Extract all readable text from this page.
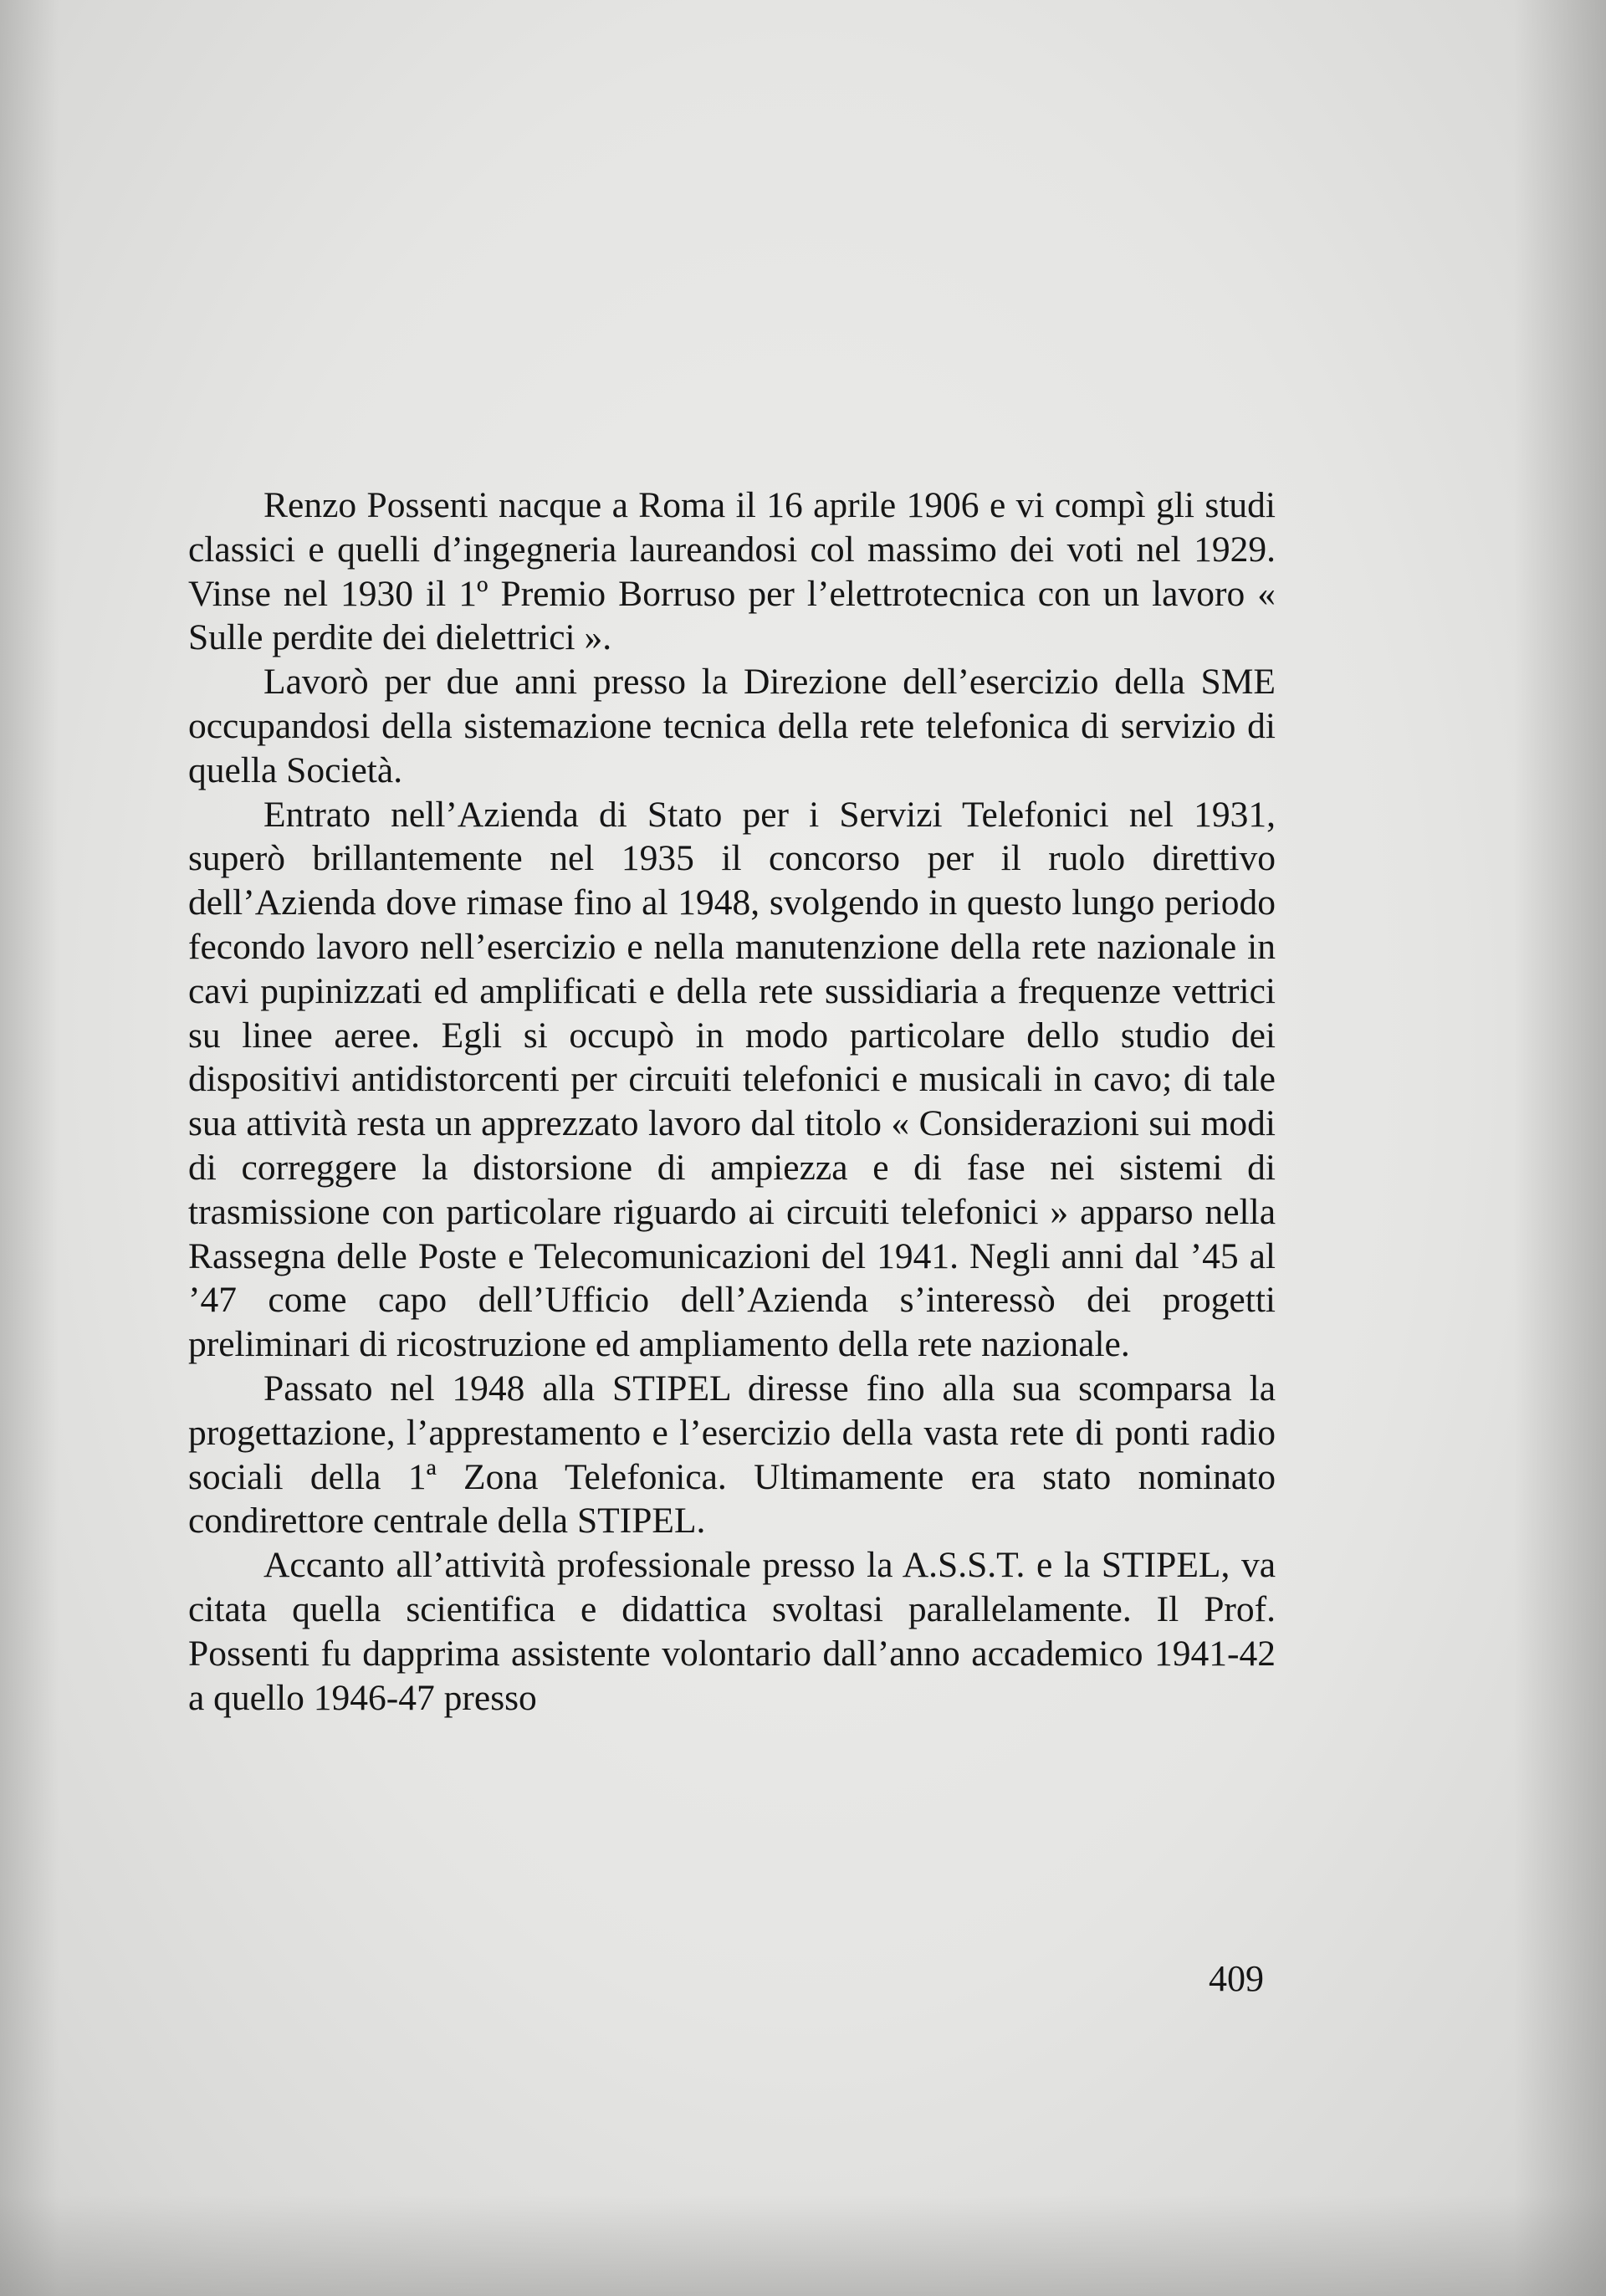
Renzo Possenti nacque a Roma il 16 aprile 1906 e vi compì gli studi classici e quelli d’ingegneria laureandosi col massimo dei voti nel 1929. Vinse nel 1930 il 1º Premio Borruso per l’elettrotecnica con un lavoro « Sulle perdite dei dielettrici ».

Lavorò per due anni presso la Direzione dell’esercizio della SME occupandosi della sistemazione tecnica della rete telefonica di servizio di quella Società.

Entrato nell’Azienda di Stato per i Servizi Telefonici nel 1931, superò brillantemente nel 1935 il concorso per il ruolo direttivo dell’Azienda dove rimase fino al 1948, svolgendo in questo lungo periodo fecondo lavoro nell’esercizio e nella manutenzione della rete nazionale in cavi pupinizzati ed amplificati e della rete sussidiaria a frequenze vettrici su linee aeree. Egli si occupò in modo particolare dello studio dei dispositivi antidistorcenti per circuiti telefonici e musicali in cavo; di tale sua attività resta un apprezzato lavoro dal titolo « Considerazioni sui modi di correggere la distorsione di ampiezza e di fase nei sistemi di trasmissione con particolare riguardo ai circuiti telefonici » apparso nella Rassegna delle Poste e Telecomunicazioni del 1941. Negli anni dal ’45 al ’47 come capo dell’Ufficio dell’Azienda s’interessò dei progetti preliminari di ricostruzione ed ampliamento della rete nazionale.

Passato nel 1948 alla STIPEL diresse fino alla sua scomparsa la progettazione, l’apprestamento e l’esercizio della vasta rete di ponti radio sociali della 1ª Zona Telefonica. Ultimamente era stato nominato condirettore centrale della STIPEL.

Accanto all’attività professionale presso la A.S.S.T. e la STIPEL, va citata quella scientifica e didattica svoltasi parallelamente. Il Prof. Possenti fu dapprima assistente volontario dall’anno accademico 1941-42 a quello 1946-47 presso

409
